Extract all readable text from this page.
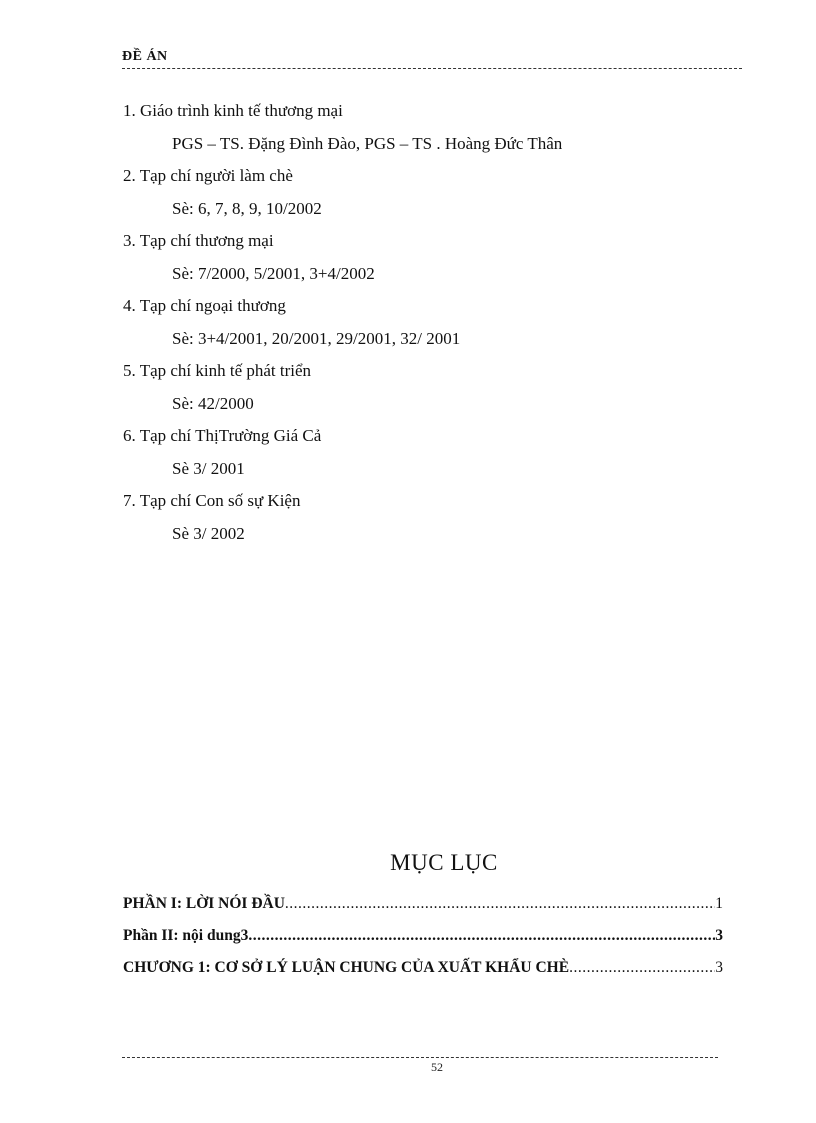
ĐỀ ÁN
1. Giáo trình kinh tế thương mại
PGS – TS. Đặng Đình Đào, PGS – TS . Hoàng Đức Thân
2. Tạp chí người làm chè
Sè: 6, 7, 8, 9, 10/2002
3. Tạp chí thương mại
Sè: 7/2000, 5/2001, 3+4/2002
4. Tạp chí ngoại thương
Sè: 3+4/2001, 20/2001, 29/2001, 32/ 2001
5. Tạp chí kinh tế phát triển
Sè: 42/2000
6. Tạp chí ThịTrường Giá Cả
Sè 3/ 2001
7. Tạp chí Con số sự Kiện
Sè 3/ 2002
MỤC LỤC
PHẦN I: LỜI NÓI ĐẦU .....	1
Phần II: nội dung3 .....	3
CHƯƠNG 1: CƠ SỞ LÝ LUẬN CHUNG CỦA XUẤT KHẨU CHÈ .....	3
52
